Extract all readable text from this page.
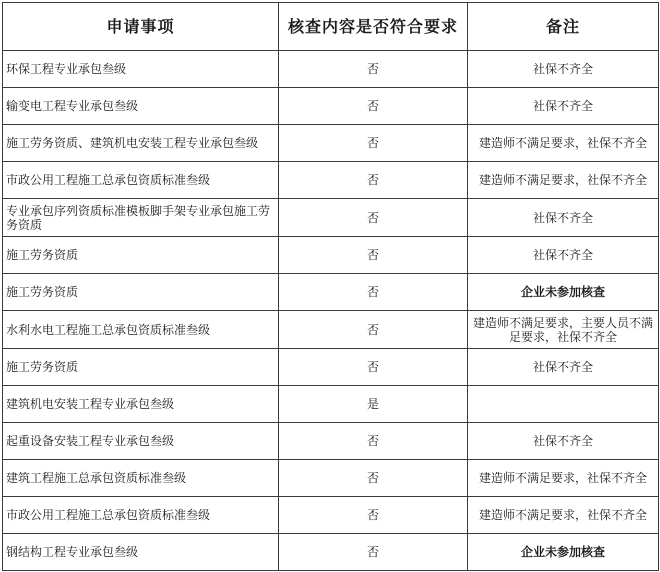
申请事项	核查内容是否符合要求	备注
环保工程专业承包叁级	否	社保不齐全
输变电工程专业承包叁级	否	社保不齐全
施工劳务资质、建筑机电安装工程专业承包叁级	否	建造师不满足要求，社保不齐全
市政公用工程施工总承包资质标准叁级	否	建造师不满足要求，社保不齐全
专业承包序列资质标准模板脚手架专业承包施工劳务资质	否	社保不齐全
施工劳务资质	否	社保不齐全
施工劳务资质	否	企业未参加核查
水利水电工程施工总承包资质标准叁级	否	建造师不满足要求，主要人员不满足要求，社保不齐全
施工劳务资质	否	社保不齐全
建筑机电安装工程专业承包叁级	是	
起重设备安装工程专业承包叁级	否	社保不齐全
建筑工程施工总承包资质标准叁级	否	建造师不满足要求，社保不齐全
市政公用工程施工总承包资质标准叁级	否	建造师不满足要求，社保不齐全
钢结构工程专业承包叁级	否	企业未参加核查
